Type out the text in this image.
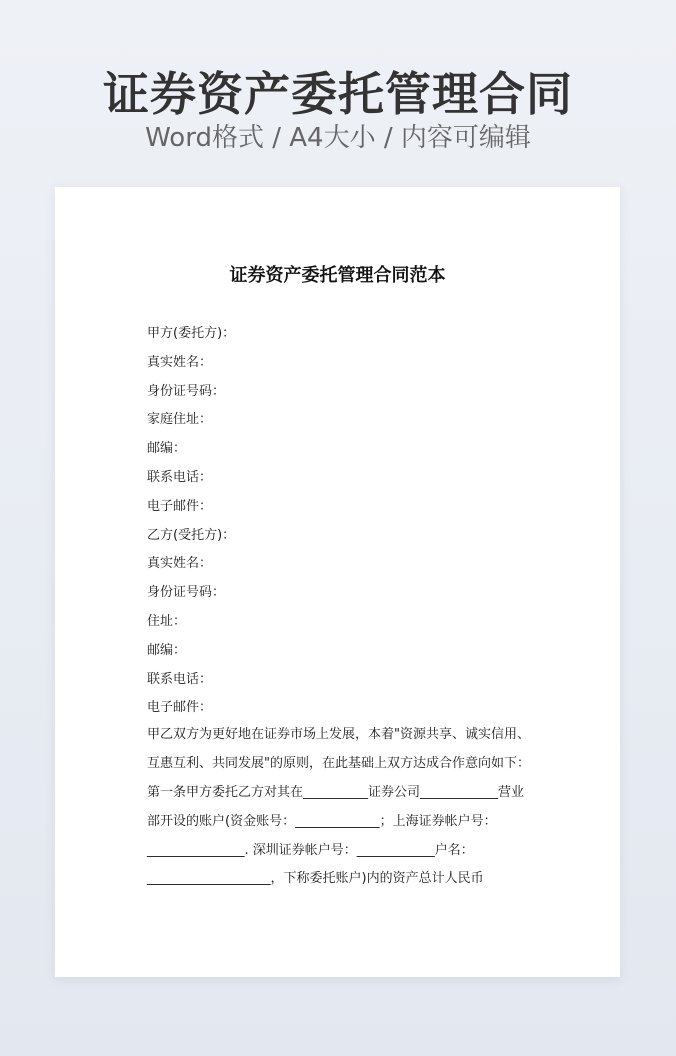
证券资产委托管理合同
Word格式 / A4大小 / 内容可编辑
证券资产委托管理合同范本
甲方(委托方)：
真实姓名：
身份证号码：
家庭住址：
邮编：
联系电话：
电子邮件：
乙方(受托方)：
真实姓名：
身份证号码：
住址：
邮编：
联系电话：
电子邮件：
甲乙双方为更好地在证券市场上发展，本着"资源共享、诚实信用、
互惠互利、共同发展"的原则，在此基础上双方达成合作意向如下：
第一条甲方委托乙方对其在__________证券公司____________营业
部开设的账户(资金账号：_____________；上海证券帐户号：
_______________. 深圳证券帐户号：____________户名：
___________________，下称委托账户)内的资产总计人民币
